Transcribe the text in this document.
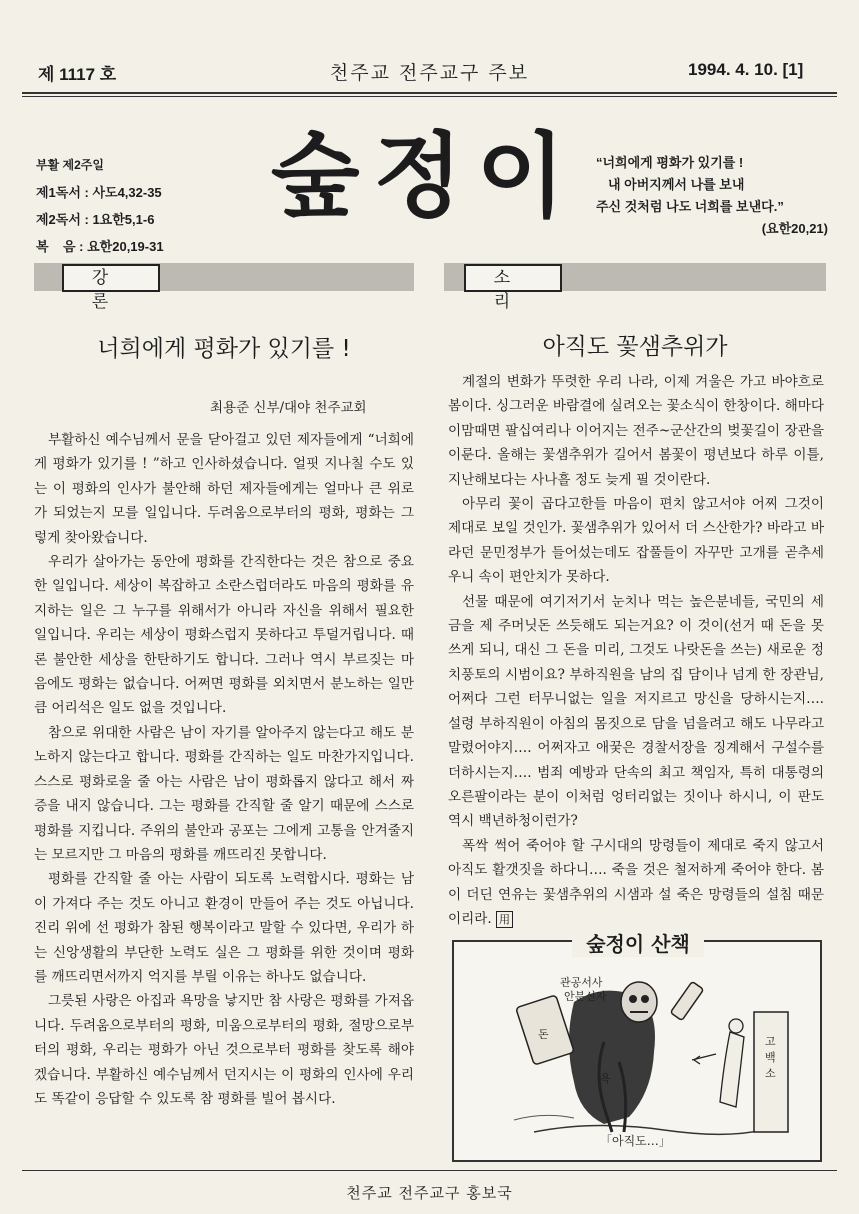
제 1117 호	천주교 전주교구 주보	1994. 4. 10. [1]
부활 제2주일
제1독서 : 사도4,32-35
제2독서 : 1요한5,1-6
복    음 : 요한20,19-31
숲정이	“너희에게 평화가 있기를 !
내 아버지께서 나를 보내
주신 것처럼 나도 너희를 보낸다.”
(요한20,21)
강 론
소 리
너희에게 평화가 있기를 !
최용준 신부/대야 천주교회

부활하신 예수님께서 문을 닫아걸고 있던 제자들에게 “너희에게 평화가 있기를 ! ”하고 인사하셨습니다. 얼핏 지나칠 수도 있는 이 평화의 인사가 불안해 하던 제자들에게는 얼마나 큰 위로가 되었는지 모를 일입니다. 두려움으로부터의 평화, 평화는 그렇게 찾아왔습니다.

우리가 살아가는 동안에 평화를 간직한다는 것은 참으로 중요한 일입니다. 세상이 복잡하고 소란스럽더라도 마음의 평화를 유지하는 일은 그 누구를 위해서가 아니라 자신을 위해서 필요한 일입니다. 우리는 세상이 평화스럽지 못하다고 투덜거립니다. 때론 불안한 세상을 한탄하기도 합니다. 그러나 역시 부르짖는 마음에도 평화는 없습니다. 어쩌면 평화를 외치면서 분노하는 일만큼 어리석은 일도 없을 것입니다.

참으로 위대한 사람은 남이 자기를 알아주지 않는다고 해도 분노하지 않는다고 합니다. 평화를 간직하는 일도 마찬가지입니다. 스스로 평화로울 줄 아는 사람은 남이 평화롭지 않다고 해서 짜증을 내지 않습니다. 그는 평화를 간직할 줄 알기 때문에 스스로 평화를 지킵니다. 주위의 불안과 공포는 그에게 고통을 안겨줄지는 모르지만 그 마음의 평화를 깨뜨리진 못합니다.

평화를 간직할 줄 아는 사람이 되도록 노력합시다. 평화는 남이 가져다 주는 것도 아니고 환경이 만들어 주는 것도 아닙니다. 진리 위에 선 평화가 참된 행복이라고 말할 수 있다면, 우리가 하는 신앙생활의 부단한 노력도 실은 그 평화를 위한 것이며 평화를 깨뜨리면서까지 억지를 부릴 이유는 하나도 없습니다.

그릇된 사랑은 아집과 욕망을 낳지만 참 사랑은 평화를 가져옵니다. 두려움으로부터의 평화, 미움으로부터의 평화, 절망으로부터의 평화, 우리는 평화가 아닌 것으로부터 평화를 찾도록 해야겠습니다. 부활하신 예수님께서 던지시는 이 평화의 인사에 우리도 똑같이 응답할 수 있도록 참 평화를 빌어 봅시다.

아직도 꽃샘추위가

계절의 변화가 뚜렷한 우리 나라, 이제 겨울은 가고 바야흐로 봄이다. 싱그러운 바람결에 실려오는 꽃소식이 한창이다. 해마다 이맘때면 팔십여리나 이어지는 전주~군산간의 벚꽃길이 장관을 이룬다. 올해는 꽃샘추위가 길어서 봄꽃이 평년보다 하루 이틀, 지난해보다는 사나흘 정도 늦게 필 것이란다.

아무리 꽃이 곱다고한들 마음이 편치 않고서야 어찌 그것이 제대로 보일 것인가. 꽃샘추위가 있어서 더 스산한가? 바라고 바라던 문민정부가 들어섰는데도 잡풀들이 자꾸만 고개를 곧추세우니 속이 편안치가 못하다.

선물 때문에 여기저기서 눈치나 먹는 높은분네들, 국민의 세금을 제 주머닛돈 쓰듯해도 되는거요? 이 것이(선거 때 돈을 못쓰게 되니, 대신 그 돈을 미리, 그것도 나랏돈을 쓰는) 새로운 정치풍토의 시범이요? 부하직원을 남의 집 담이나 넘게 한 장관님, 어쩌다 그런 터무니없는 일을 저지르고 망신을 당하시는지…. 설령 부하직원이 아침의 몸짓으로 담을 넘을려고 해도 나무라고 말렸어야지…. 어쩌자고 애꿎은 경찰서장을 징계해서 구설수를 더하시는지…. 범죄 예방과 단속의 최고 책임자, 특히 대통령의 오른팔이라는 분이 이처럼 엉터리없는 짓이나 하시니, 이 판도 역시 백년하청이런가?

폭싹 썩어 죽어야 할 구시대의 망령들이 제대로 죽지 않고서 아직도 활갯짓을 하다니…. 죽을 것은 철저하게 죽어야 한다. 봄이 더딘 연유는 꽃샘추위의 시샘과 설 죽은 망령들의 설침 때문이리라. 用

관공서사
안분신자
돈
욕
고백소
숲정이 산책
「아직도…」
천주교 전주교구 홍보국
